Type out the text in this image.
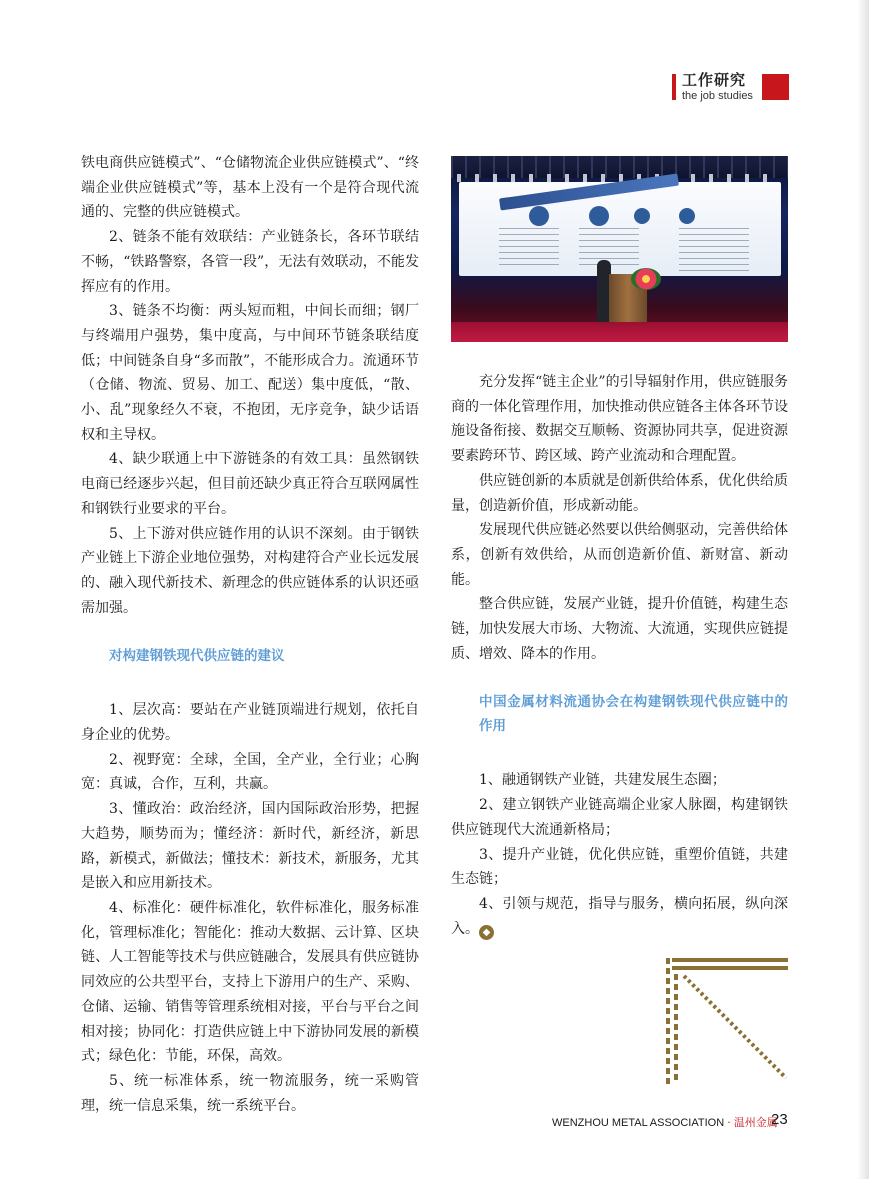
工作研究
the job studies

铁电商供应链模式”、“仓储物流企业供应链模式”、“终端企业供应链模式”等，基本上没有一个是符合现代流通的、完整的供应链模式。

2、链条不能有效联结：产业链条长，各环节联结不畅，“铁路警察，各管一段”，无法有效联动，不能发挥应有的作用。

3、链条不均衡：两头短而粗，中间长而细；钢厂与终端用户强势，集中度高，与中间环节链条联结度低；中间链条自身“多而散”，不能形成合力。流通环节（仓储、物流、贸易、加工、配送）集中度低，“散、小、乱”现象经久不衰，不抱团，无序竞争，缺少话语权和主导权。

4、缺少联通上中下游链条的有效工具：虽然钢铁电商已经逐步兴起，但目前还缺少真正符合互联网属性和钢铁行业要求的平台。

5、上下游对供应链作用的认识不深刻。由于钢铁产业链上下游企业地位强势，对构建符合产业长远发展的、融入现代新技术、新理念的供应链体系的认识还亟需加强。

对构建钢铁现代供应链的建议

1、层次高：要站在产业链顶端进行规划，依托自身企业的优势。

2、视野宽：全球，全国，全产业，全行业；心胸宽：真诚，合作，互利，共赢。

3、懂政治：政治经济，国内国际政治形势，把握大趋势，顺势而为；懂经济：新时代，新经济，新思路，新模式，新做法；懂技术：新技术，新服务，尤其是嵌入和应用新技术。

4、标准化：硬件标准化，软件标准化，服务标准化，管理标准化；智能化：推动大数据、云计算、区块链、人工智能等技术与供应链融合，发展具有供应链协同效应的公共型平台，支持上下游用户的生产、采购、仓储、运输、销售等管理系统相对接，平台与平台之间相对接；协同化：打造供应链上中下游协同发展的新模式；绿色化：节能，环保，高效。

5、统一标准体系，统一物流服务，统一采购管理，统一信息采集，统一系统平台。

充分发挥“链主企业”的引导辐射作用，供应链服务商的一体化管理作用，加快推动供应链各主体各环节设施设备衔接、数据交互顺畅、资源协同共享，促进资源要素跨环节、跨区域、跨产业流动和合理配置。

供应链创新的本质就是创新供给体系，优化供给质量，创造新价值，形成新动能。

发展现代供应链必然要以供给侧驱动，完善供给体系，创新有效供给，从而创造新价值、新财富、新动能。

整合供应链，发展产业链，提升价值链，构建生态链，加快发展大市场、大物流、大流通，实现供应链提质、增效、降本的作用。

中国金属材料流通协会在构建钢铁现代供应链中的作用

1、融通钢铁产业链，共建发展生态圈；

2、建立钢铁产业链高端企业家人脉圈，构建钢铁供应链现代大流通新格局；

3、提升产业链，优化供应链，重塑价值链，共建生态链；

4、引领与规范，指导与服务，横向拓展，纵向深入。 ◆

WENZHOU METAL ASSOCIATION · 温州金属
23
